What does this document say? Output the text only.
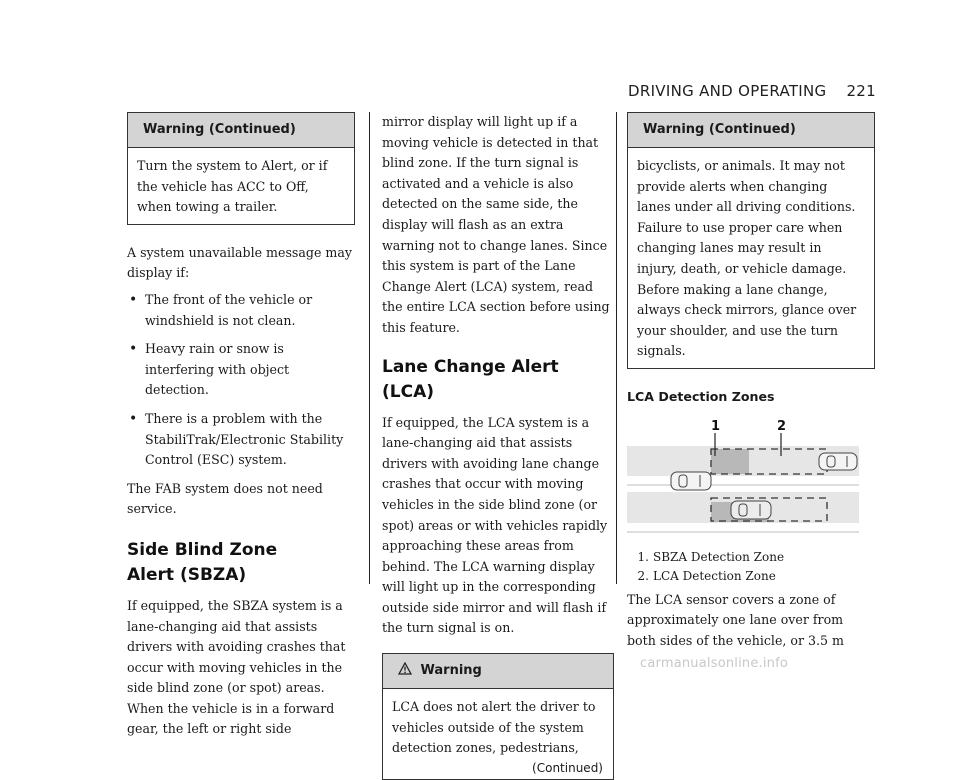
DRIVING AND OPERATING 221
Warning (Continued)

Turn the system to Alert, or if the vehicle has ACC to Off, when towing a trailer.

A system unavailable message may display if:

• The front of the vehicle or windshield is not clean.
• Heavy rain or snow is interfering with object detection.
• There is a problem with the StabiliTrak/Electronic Stability Control (ESC) system.

The FAB system does not need service.

Side Blind Zone
Alert (SBZA)

If equipped, the SBZA system is a lane-changing aid that assists drivers with avoiding crashes that occur with moving vehicles in the side blind zone (or spot) areas. When the vehicle is in a forward gear, the left or right side

mirror display will light up if a moving vehicle is detected in that blind zone. If the turn signal is activated and a vehicle is also detected on the same side, the display will flash as an extra warning not to change lanes. Since this system is part of the Lane Change Alert (LCA) system, read the entire LCA section before using this feature.

Lane Change Alert (LCA)

If equipped, the LCA system is a lane-changing aid that assists drivers with avoiding lane change crashes that occur with moving vehicles in the side blind zone (or spot) areas or with vehicles rapidly approaching these areas from behind. The LCA warning display will light up in the corresponding outside side mirror and will flash if the turn signal is on.

Warning

LCA does not alert the driver to vehicles outside of the system detection zones, pedestrians,

(Continued)
Warning (Continued)

bicyclists, or animals. It may not provide alerts when changing lanes under all driving conditions. Failure to use proper care when changing lanes may result in injury, death, or vehicle damage. Before making a lane change, always check mirrors, glance over your shoulder, and use the turn signals.

LCA Detection Zones
1	2
1. SBZA Detection Zone
2. LCA Detection Zone

The LCA sensor covers a zone of approximately one lane over from both sides of the vehicle, or 3.5 m

carmanualsonline.info
